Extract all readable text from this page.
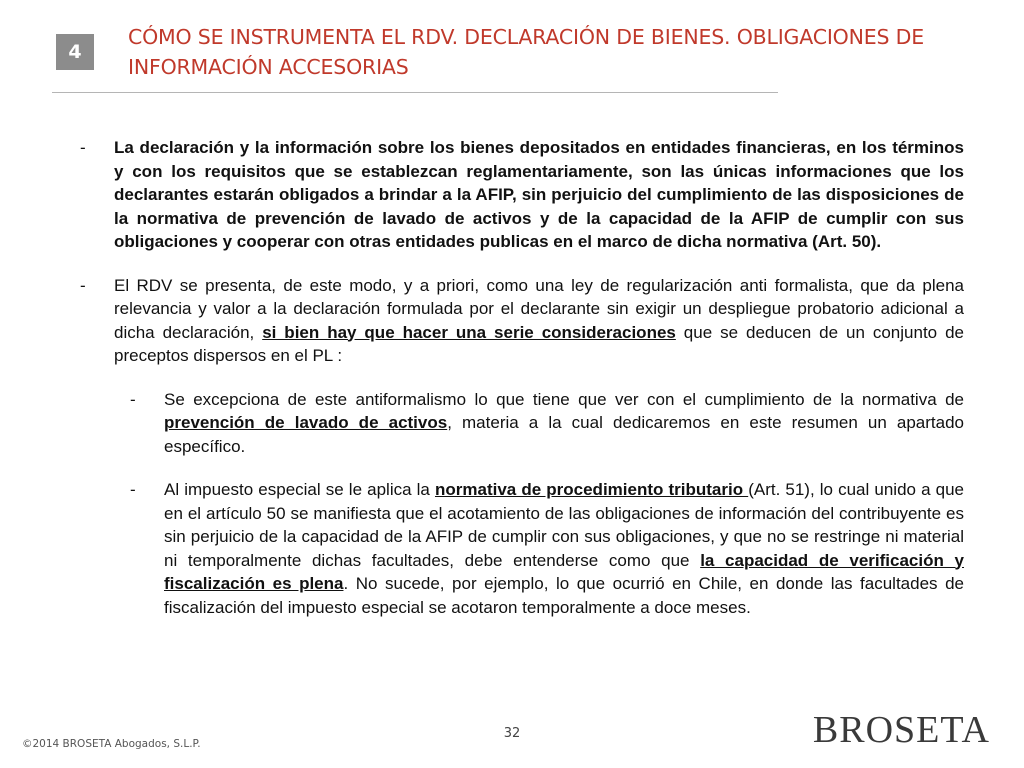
4
CÓMO SE INSTRUMENTA EL RDV. DECLARACIÓN DE BIENES. OBLIGACIONES DE INFORMACIÓN ACCESORIAS

- La declaración y la información sobre los bienes depositados en entidades financieras, en los términos y con los requisitos que se establezcan reglamentariamente, son las únicas informaciones que los declarantes estarán obligados a brindar a la AFIP, sin perjuicio del cumplimiento de las disposiciones de la normativa de prevención de lavado de activos y de la capacidad de la AFIP de cumplir con sus obligaciones y cooperar con otras entidades publicas en el marco de dicha normativa (Art. 50).

- El RDV se presenta, de este modo, y a priori, como una ley de regularización anti formalista, que da plena relevancia y valor a la declaración formulada por el declarante sin exigir un despliegue probatorio adicional a dicha declaración, si bien hay que hacer una serie consideraciones que se deducen de un conjunto de preceptos dispersos en el PL :

- Se excepciona de este antiformalismo lo que tiene que ver con el cumplimiento de la normativa de prevención de lavado de activos, materia a la cual dedicaremos en este resumen un apartado específico.

- Al impuesto especial se le aplica la normativa de procedimiento tributario (Art. 51), lo cual unido a que en el artículo 50 se manifiesta que el acotamiento de las obligaciones de información del contribuyente es sin perjuicio de la capacidad de la AFIP de cumplir con sus obligaciones, y que no se restringe ni material ni temporalmente dichas facultades, debe entenderse como que la capacidad de verificación y fiscalización es plena. No sucede, por ejemplo, lo que ocurrió en Chile, en donde las facultades de fiscalización del impuesto especial se acotaron temporalmente a doce meses.

32
©2014 BROSETA Abogados, S.L.P.	BROSETA
